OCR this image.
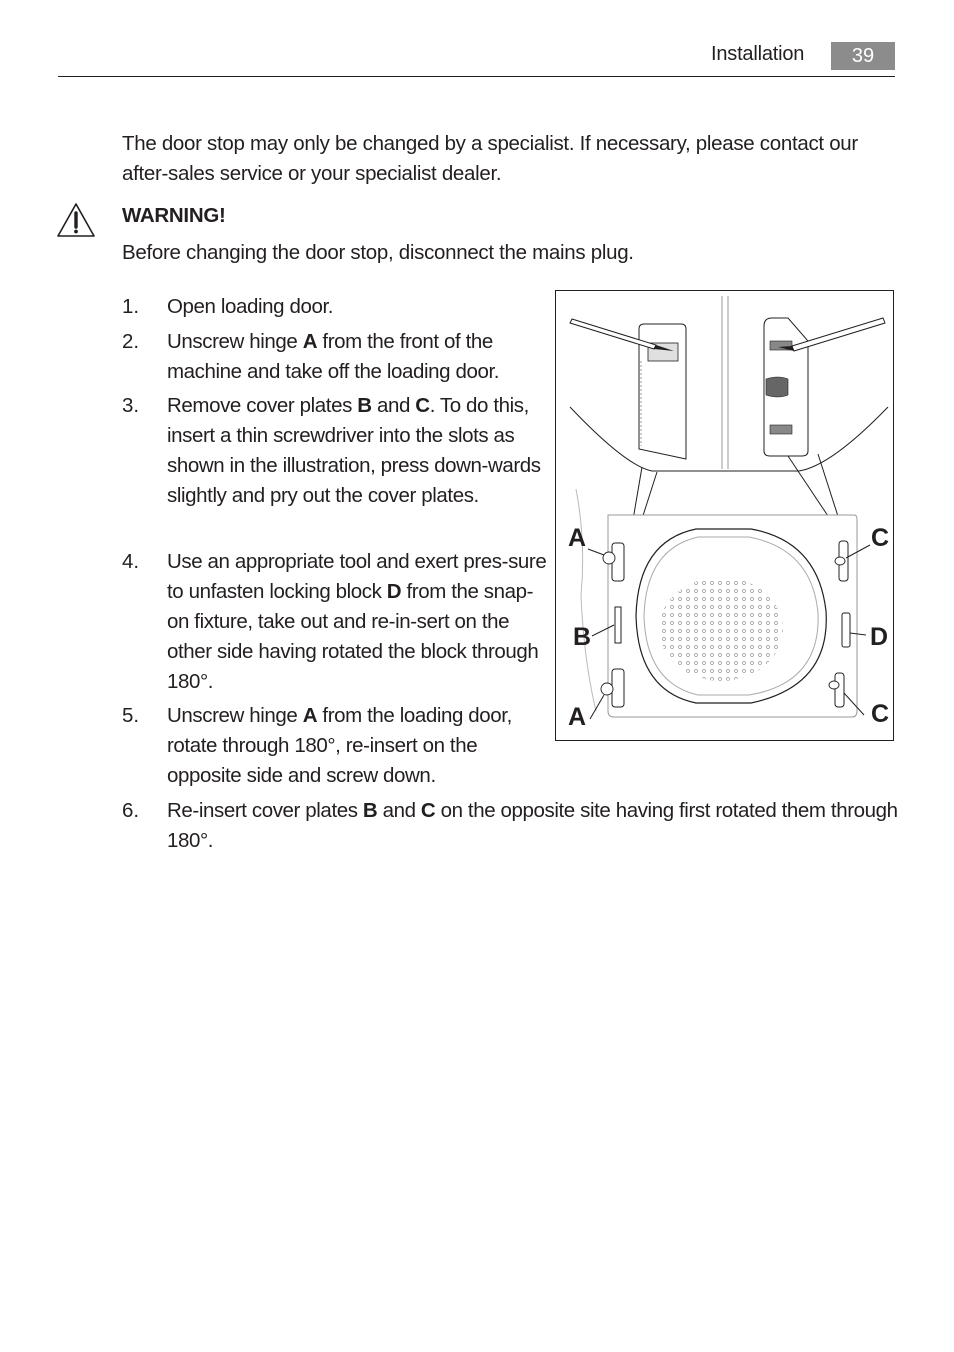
Installation	39
The door stop may only be changed by a specialist. If necessary, please contact our after-sales service or your specialist dealer.
WARNING!
Before changing the door stop, disconnect the mains plug.
1. Open loading door.
2. Unscrew hinge A from the front of the machine and take off the loading door.
3. Remove cover plates B and C. To do this, insert a thin screwdriver into the slots as shown in the illustration, press down-wards slightly and pry out the cover plates.
4. Use an appropriate tool and exert pres-sure to unfasten locking block D from the snap-on fixture, take out and re-in-sert on the other side having rotated the block through 180°.
5. Unscrew hinge A from the loading door, rotate through 180°, re-insert on the opposite side and screw down.
6. Re-insert cover plates B and C on the opposite site having first rotated them through 180°.
A
B
A
C
D
C
